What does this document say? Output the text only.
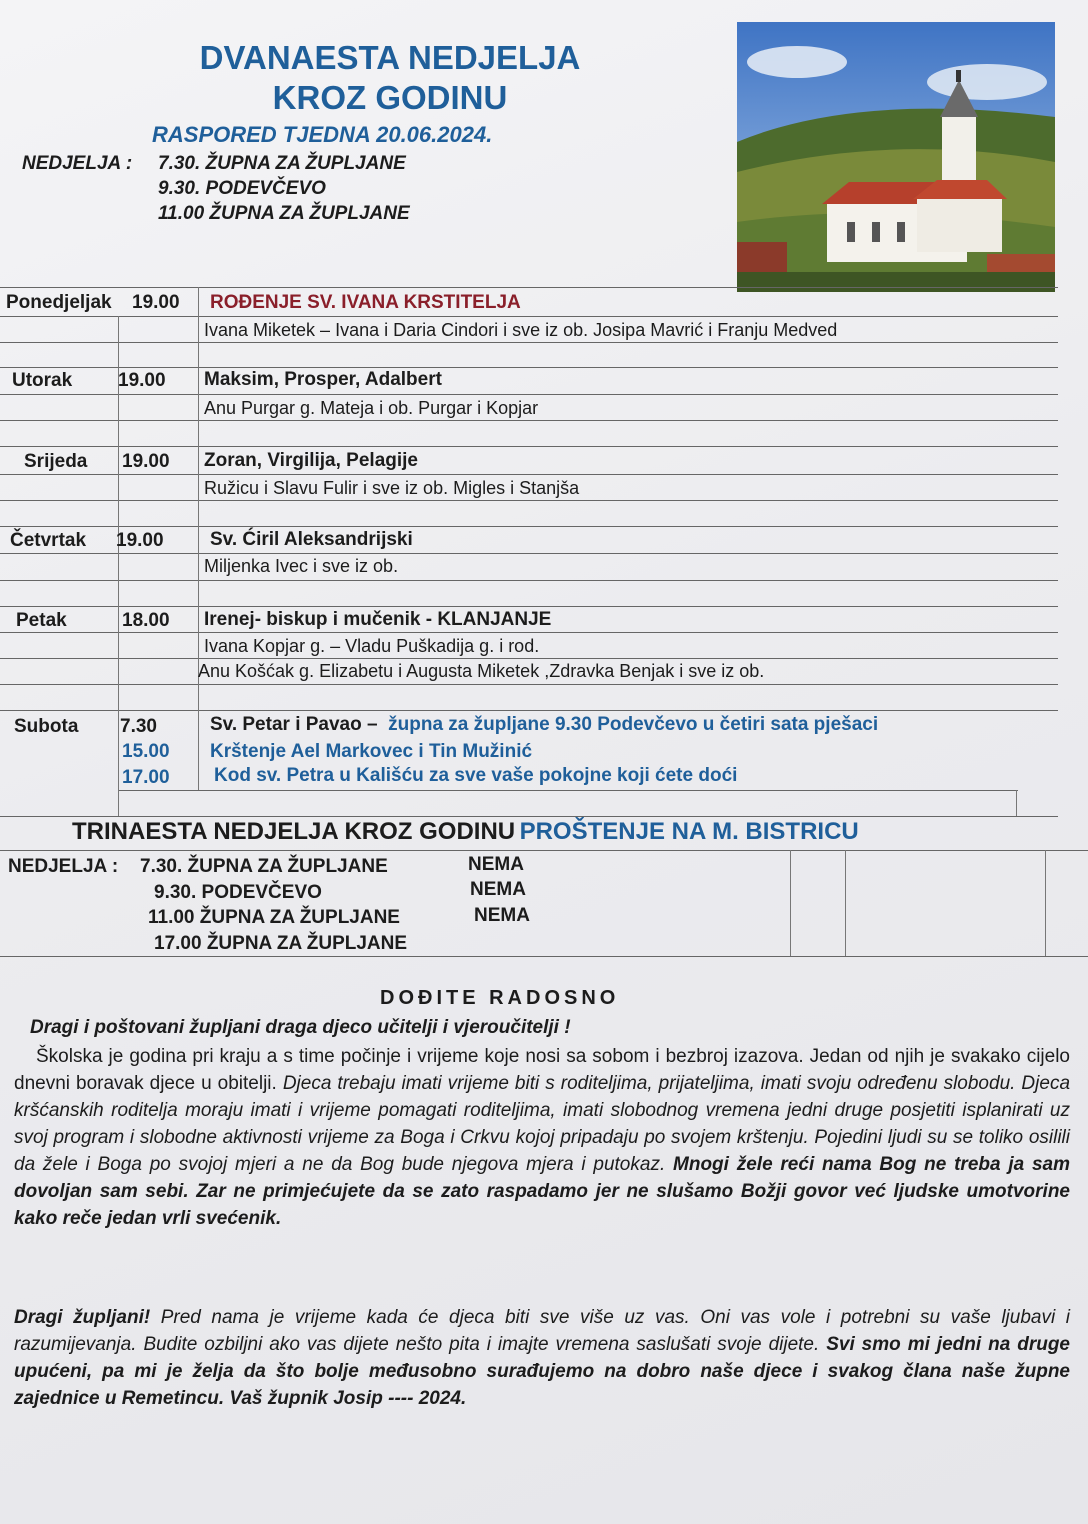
DVANAESTA NEDJELJA
KROZ GODINU
RASPORED TJEDNA 20.06.2024.
NEDJELJA : 7.30. ŽUPNA ZA ŽUPLJANE
9.30. PODEVČEVO
11.00 ŽUPNA ZA ŽUPLJANE
Ponedjeljak 19.00 ROĐENJE SV. IVANA KRSTITELJA
Ivana Miketek – Ivana i Daria Cindori i sve iz ob. Josipa Mavrić i Franju Medved
Utorak 19.00 Maksim, Prosper, Adalbert
Anu Purgar g. Mateja i ob. Purgar i Kopjar
Srijeda 19.00 Zoran, Virgilija, Pelagije
Ružicu i Slavu Fulir i sve iz ob. Migles i Stanjša
Četvrtak 19.00 Sv. Ćiril Aleksandrijski
Miljenka Ivec i sve iz ob.
Petak	18.00 Irenej- biskup i mučenik - KLANJANJE
Ivana Kopjar g. – Vladu Puškadija g. i rod.
Anu Košćak g. Elizabetu i Augusta Miketek ,Zdravka Benjak i sve iz ob.
Subota 7.30	Sv. Petar i Pavao – župna za župljane 9.30 Podevčevo u četiri sata pješaci
15.00 Krštenje Ael Markovec i Tin Mužinić
17.00 Kod sv. Petra u Kališću za sve vaše pokojne koji ćete doći
TRINAESTA NEDJELJA KROZ GODINU PROŠTENJE NA M. BISTRICU
NEDJELJA : 7.30. ŽUPNA ZA ŽUPLJANE	NEMA
9.30. PODEVČEVO	NEMA
11.00 ŽUPNA ZA ŽUPLJANE	NEMA
17.00 ŽUPNA ZA ŽUPLJANE
DOĐITE RADOSNO
Dragi i poštovani župljani draga djeco učitelji i vjeroučitelji !
Školska je godina pri kraju a s time počinje i vrijeme koje nosi sa sobom i bezbroj izazova. Jedan od njih je svakako cijelo dnevni boravak djece u obitelji. Djeca trebaju imati vrijeme biti s roditeljima, prijateljima, imati svoju određenu slobodu. Djeca kršćanskih roditelja moraju imati i vrijeme pomagati roditeljima, imati slobodnog vremena jedni druge posjetiti isplanirati uz svoj program i slobodne aktivnosti vrijeme za Boga i Crkvu kojoj pripadaju po svojem krštenju. Pojedini ljudi su se toliko osilili da žele i Boga po svojoj mjeri a ne da Bog bude njegova mjera i putokaz. Mnogi žele reći nama Bog ne treba ja sam dovoljan sam sebi. Zar ne primjećujete da se zato raspadamo jer ne slušamo Božji govor već ljudske umotvorine kako reče jedan vrli svećenik.
Dragi župljani! Pred nama je vrijeme kada će djeca biti sve više uz vas. Oni vas vole i potrebni su vaše ljubavi i razumijevanja. Budite ozbiljni ako vas dijete nešto pita i imajte vremena saslušati svoje dijete. Svi smo mi jedni na druge upućeni, pa mi je želja da što bolje međusobno surađujemo na dobro naše djece i svakog člana naše župne zajednice u Remetincu. Vaš župnik Josip ---- 2024.
